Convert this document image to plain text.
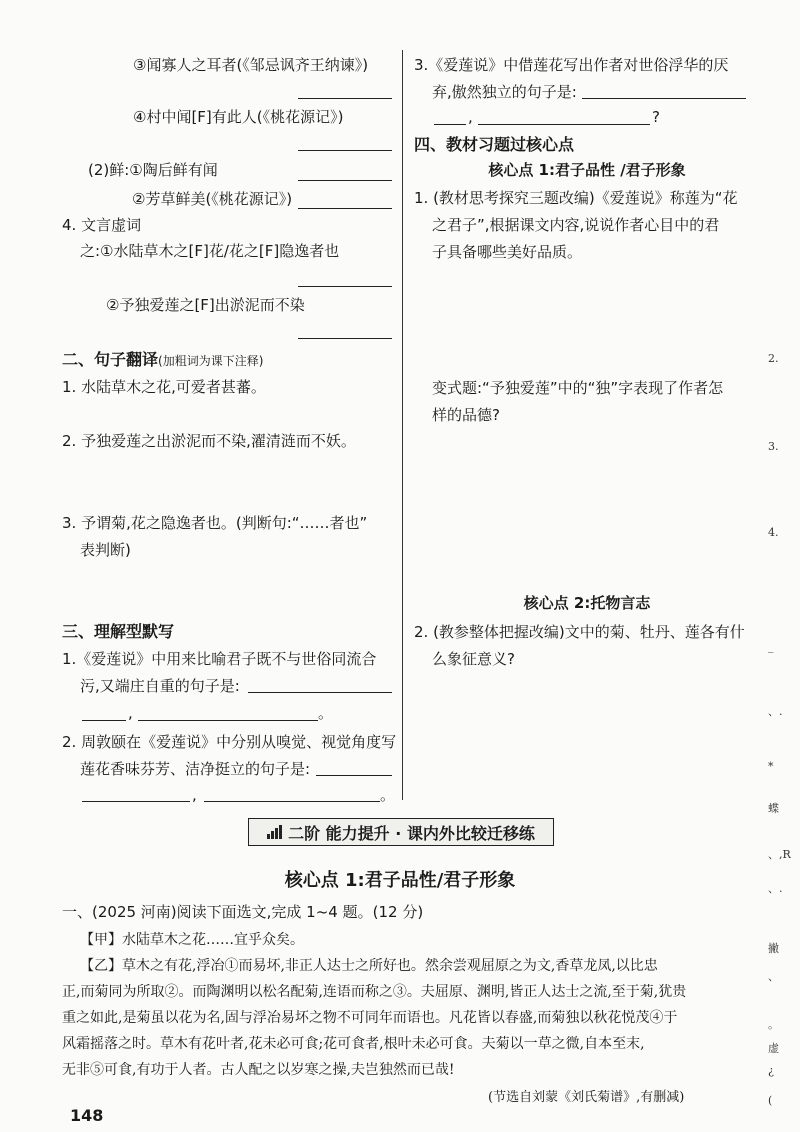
③闻寡人之耳者(《邹忌讽齐王纳谏》)
④村中闻[F]有此人(《桃花源记》)
(2)鲜:①陶后鲜有闻
②芳草鲜美(《桃花源记》)
4. 文言虚词
之:①水陆草木之[F]花/花之[F]隐逸者也
②予独爱莲之[F]出淤泥而不染
二、句子翻译(加粗词为课下注释)
1. 水陆草木之花,可爱者甚蕃。
2. 予独爱莲之出淤泥而不染,濯清涟而不妖。
3. 予谓菊,花之隐逸者也。(判断句:“……者也”
表判断)
三、理解型默写
1.《爱莲说》中用来比喻君子既不与世俗同流合
污,又端庄自重的句子是:
,	。
2. 周敦颐在《爱莲说》中分别从嗅觉、视觉角度写
莲花香味芬芳、洁净挺立的句子是:
,	。
3.《爱莲说》中借莲花写出作者对世俗浮华的厌
弃,傲然独立的句子是:
,	?
四、教材习题过核心点
核心点 1:君子品性 /君子形象
1. (教材思考探究三题改编)《爱莲说》称莲为“花
之君子”,根据课文内容,说说作者心目中的君
子具备哪些美好品质。
变式题:“予独爱莲”中的“独”字表现了作者怎
样的品德?
核心点 2:托物言志
2. (教参整体把握改编)文中的菊、牡丹、莲各有什
么象征意义?
二阶 能力提升 · 课内外比较迁移练
核心点 1:君子品性/君子形象
一、(2025 河南)阅读下面选文,完成 1~4 题。(12 分)
【甲】水陆草木之花……宜乎众矣。
【乙】草木之有花,浮冶①而易坏,非正人达士之所好也。然余尝观屈原之为文,香草龙凤,以比忠
正,而菊同为所取②。而陶渊明以松名配菊,连语而称之③。夫屈原、渊明,皆正人达士之流,至于菊,犹贵
重之如此,是菊虽以花为名,固与浮冶易坏之物不可同年而语也。凡花皆以春盛,而菊独以秋花悦茂④于
风霜摇落之时。草木有花叶者,花未必可食;花可食者,根叶未必可食。夫菊以一草之微,自本至末,
无非⑤可食,有功于人者。古人配之以岁寒之操,夫岂独然而已哉!
(节选自刘蒙《刘氏菊谱》,有删减)
2.
3.
4.
、.
_
*
、.
虚
、,R
蝶
撇
、
。
¿
(
148
